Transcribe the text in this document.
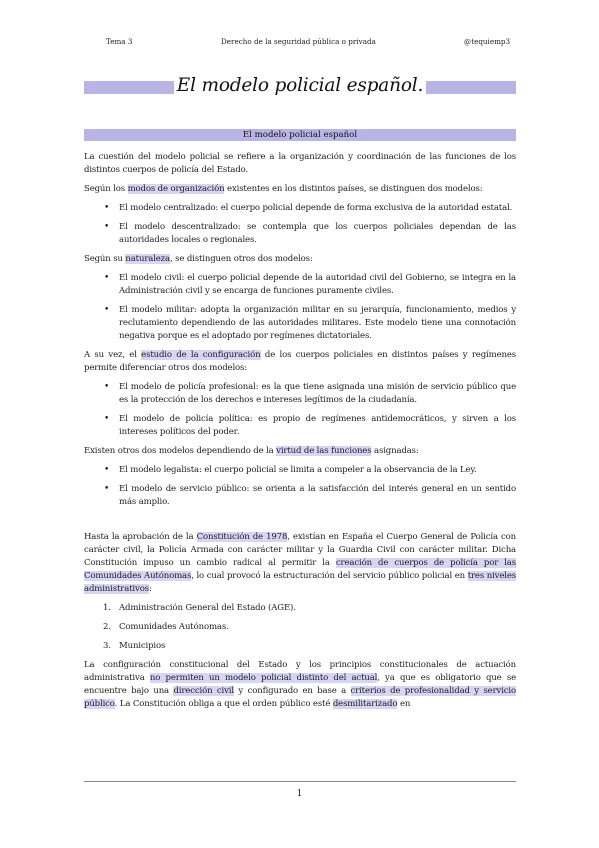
Tema 3	Derecho de la seguridad pública o privada	@tequiemp3
El modelo policial español.
El modelo policial español

La cuestión del modelo policial se refiere a la organización y coordinación de las funciones de los distintos cuerpos de policía del Estado.

Según los modos de organización existentes en los distintos países, se distinguen dos modelos:

• El modelo centralizado: el cuerpo policial depende de forma exclusiva de la autoridad estatal.
• El modelo descentralizado: se contempla que los cuerpos policiales dependan de las autoridades locales o regionales.

Según su naturaleza, se distinguen otros dos modelos:

• El modelo civil: el cuerpo policial depende de la autoridad civil del Gobierno, se integra en la Administración civil y se encarga de funciones puramente civiles.
• El modelo militar: adopta la organización militar en su jerarquía, funcionamiento, medios y reclutamiento dependiendo de las autoridades militares. Este modelo tiene una connotación negativa porque es el adoptado por regímenes dictatoriales.

A su vez, el estudio de la configuración de los cuerpos policiales en distintos países y regímenes permite diferenciar otros dos modelos:

• El modelo de policía profesional: es la que tiene asignada una misión de servicio público que es la protección de los derechos e intereses legítimos de la ciudadanía.
• El modelo de policía política: es propio de regímenes antidemocráticos, y sirven a los intereses políticos del poder.

Existen otros dos modelos dependiendo de la virtud de las funciones asignadas:

• El modelo legalista: el cuerpo policial se limita a compeler a la observancia de la Ley.
• El modelo de servicio público: se orienta a la satisfacción del interés general en un sentido más amplio.

Hasta la aprobación de la Constitución de 1978, existían en España el Cuerpo General de Policía con carácter civil, la Policía Armada con carácter militar y la Guardia Civil con carácter militar. Dicha Constitución impuso un cambio radical al permitir la creación de cuerpos de policía por las Comunidades Autónomas, lo cual provocó la estructuración del servicio público policial en tres niveles administrativos:

1. Administración General del Estado (AGE).
2. Comunidades Autónomas.
3. Municipios

La configuración constitucional del Estado y los principios constitucionales de actuación administrativa no permiten un modelo policial distinto del actual, ya que es obligatorio que se encuentre bajo una dirección civil y configurado en base a criterios de profesionalidad y servicio público. La Constitución obliga a que el orden público esté desmilitarizado en

1
